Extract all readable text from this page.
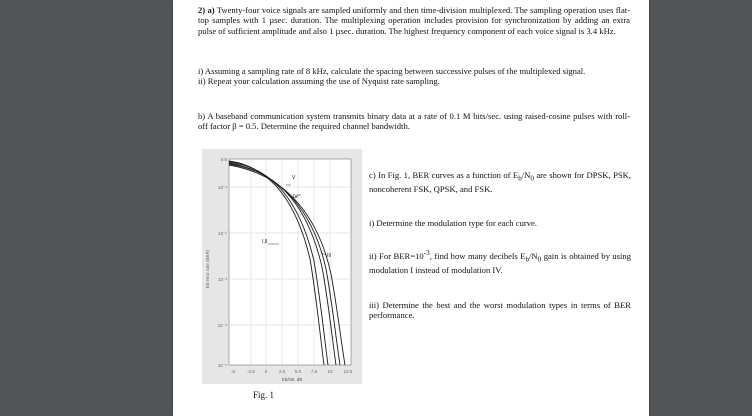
2) a) Twenty-four voice signals are sampled uniformly and then time-division multiplexed. The sampling operation uses flat-top samples with 1 µsec. duration. The multiplexing operation includes provision for synchronization by adding an extra pulse of sufficient amplitude and also 1 µsec. duration. The highest frequency component of each voice signal is 3.4 kHz.
i) Assuming a sampling rate of 8 kHz, calculate the spacing between successive pulses of the multiplexed signal.
ii) Repeat your calculation assuming the use of Nyquist rate sampling.
b) A baseband communication system transmits binary data at a rate of 0.1 M bits/sec. using raised-cosine pulses with roll-off factor β = 0.5. Determine the required channel bandwidth.
0.5
10⁻¹
10⁻²
10⁻³
10⁻⁴
10⁻⁵
Bit error rate (BER)
-5	-2.5 0	2.5 5.0 7.5 10 12.5
Eb/N0, dB
V
IV
I,II
III
Fig. 1
c) In Fig. 1, BER curves as a function of $E_b/N_0$ are shown for DPSK, PSK, noncoherent FSK, QPSK, and FSK.
i) Determine the modulation type for each curve.
ii) For $BER=10^{-3}$, find how many decibels $E_b/N_0$ gain is obtained by using modulation I instead of modulation IV.
iii) Determine the best and the worst modulation types in terms of BER performance.
